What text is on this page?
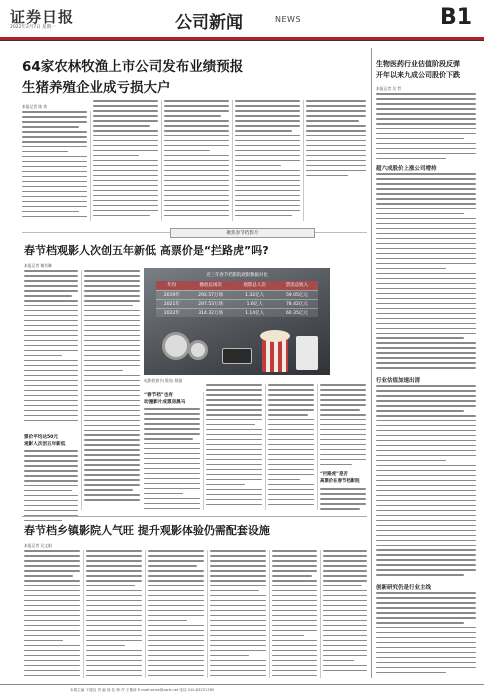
证券日报
2022年2月7日 星期一	公司新闻	NEWS	B1
64家农林牧渔上市公司发布业绩预报
生猪养殖企业成亏损大户
本报记者 陈 欢
生物医药行业估值阶段反弹
开年以来九成公司股价下跌
本报记者 吴 哲
超六成股价上涨公司增持
行业估值加速出清
创新研究仍是行业主线
聚焦春节档影片
春节档观影人次创五年新低 高票价是“拦路虎”吗?
本报记者 谢若琳
票价平均达50元
观影人次创五年新低
近三年春节档影院观影数据对比
年份	播放总场次	观影总人次	票房总收入
2019年	292.57万场	1.32亿人	59.05亿元
2021年	287.53万场	1.6亿人	78.42亿元
2022年	314.32万场	1.14亿人	60.35亿元
电影院春节(票房) 数据
“春节档”也有
动漫影片成票房黑马
“拦路虎”是否
高票价在春节档影院
春节档乡镇影院人气旺 提升观影体验仍需配套设施
本报记者 吴文娟
本版主编 于德良 责 编 徐 虹 制 作 王敬涛 E-mail:zmzx@zqrb.net 电话 010-83251785
